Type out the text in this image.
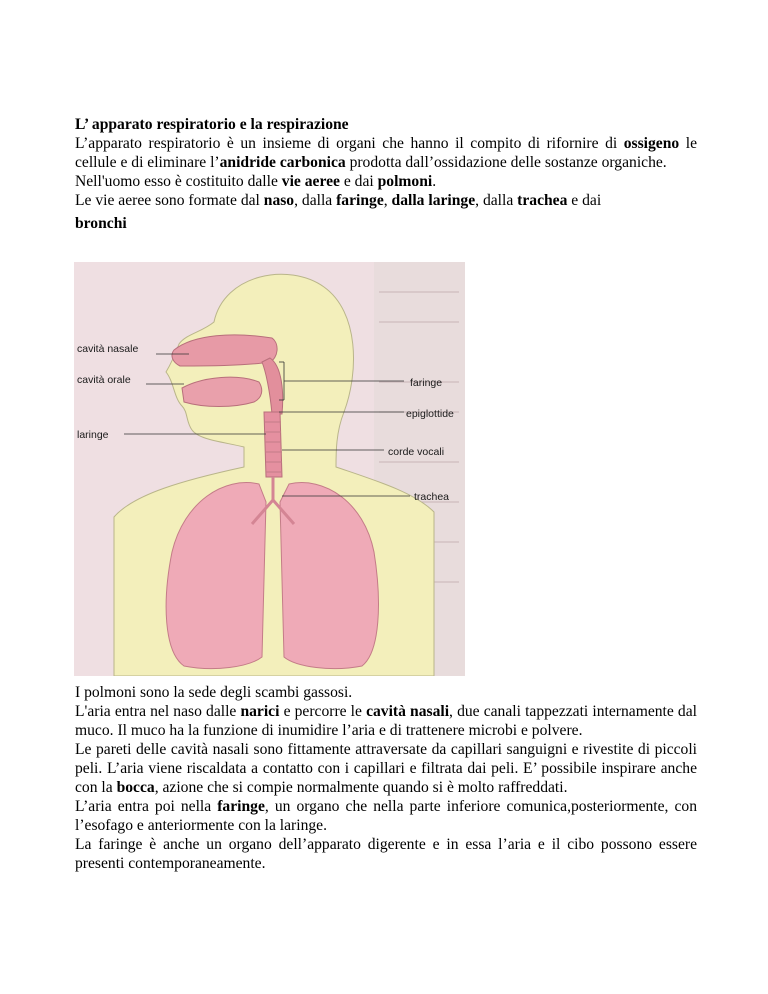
L’ apparato respiratorio e la respirazione

L’apparato respiratorio è un insieme di organi che hanno il compito di rifornire di ossigeno le cellule e di eliminare l’anidride carbonica prodotta dall’ossidazione delle sostanze organiche.

Nell'uomo esso è costituito dalle vie aeree e dai polmoni.

Le vie aeree sono formate dal naso, dalla faringe, dalla laringe, dalla trachea e dai
bronchi

cavità nasale
cavità orale
laringe
faringe
epiglottide
corde vocali
trachea

I polmoni sono la sede degli scambi gassosi.

L'aria entra nel naso dalle narici e percorre le cavità nasali, due canali tappezzati internamente dal muco. Il muco ha la funzione di inumidire l’aria e di trattenere microbi e polvere.

Le pareti delle cavità nasali sono fittamente attraversate da capillari sanguigni e rivestite di piccoli peli. L’aria viene riscaldata a contatto con i capillari e filtrata dai peli. E’ possibile inspirare anche con la bocca, azione che si compie normalmente quando si è molto raffreddati.

L’aria entra poi nella faringe, un organo che nella parte inferiore comunica,posteriormente, con l’esofago e anteriormente con la laringe.

La faringe è anche un organo dell’apparato digerente e in essa l’aria e il cibo possono essere presenti contemporaneamente.
